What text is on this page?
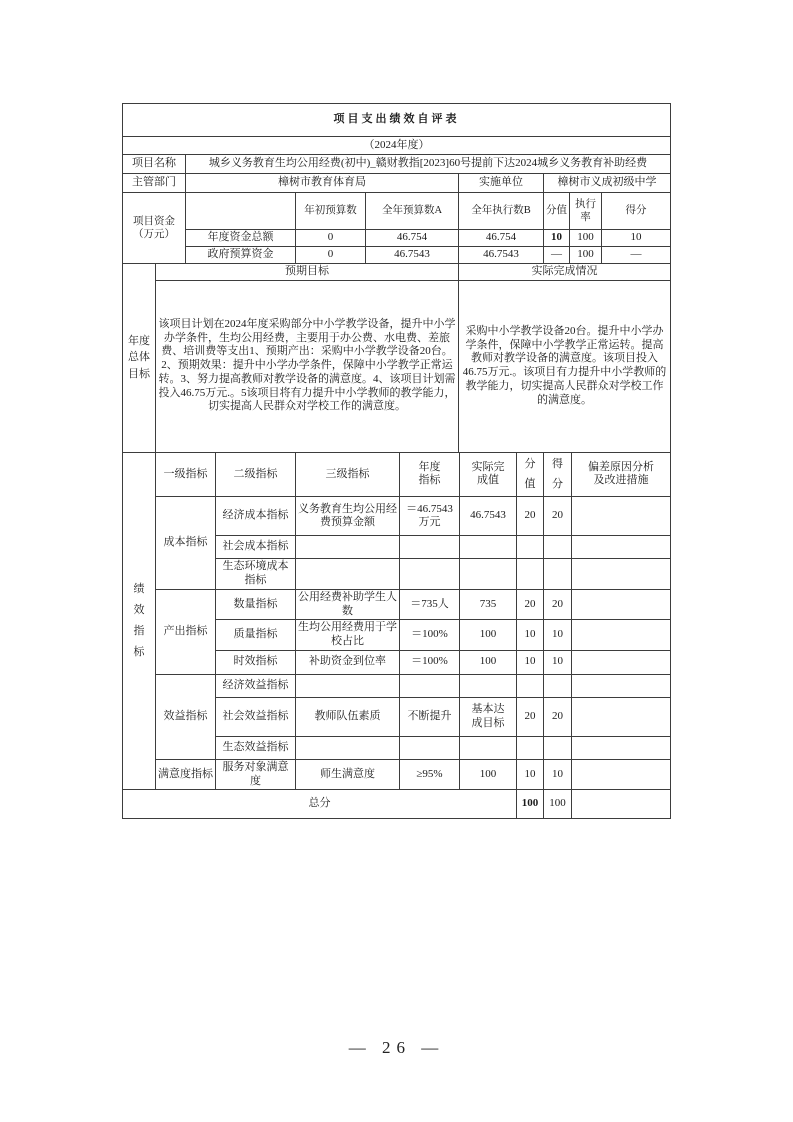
项目支出绩效自评表							
（2024年度）							
项目名称	城乡义务教育生均公用经费(初中)_赣财教指[2023]60号提前下达2024城乡义务教育补助经费						
主管部门	樟树市教育体育局			实施单位	樟树市义成初级中学		

项目资金（万元）		年初预算数	全年预算数A	全年执行数B	分值	执行率	得分
	年度资金总额	0	46.754	46.754	10	100	10
	政府预算资金	0	46.7543	46.7543	—	100	—
年度总体目标	预期目标	实际完成情况
	该项目计划在2024年度采购部分中小学教学设备，提升中小学办学条件，生均公用经费，主要用于办公费、水电费、差旅费、培训费等支出1、预期产出：采购中小学教学设备20台。2、预期效果：提升中小学办学条件，保障中小学教学正常运转。3、努力提高教师对教学设备的满意度。4、该项目计划需投入46.75万元.。5该项目将有力提升中小学教师的教学能力，切实提高人民群众对学校工作的满意度。	采购中小学教学设备20台。提升中小学办学条件，保障中小学教学正常运转。提高教师对教学设备的满意度。该项目投入46.75万元.。该项目有力提升中小学教师的教学能力，切实提高人民群众对学校工作的满意度。
绩效指标	一级指标	二级指标	三级指标	年度指标	实际完成值	分值	得分	偏差原因分析及改进措施

	成本指标	经济成本指标	义务教育生均公用经费预算金额	＝46.7543万元	46.7543	20	20	
		社会成本指标						
		生态环境成本指标						
	产出指标	数量指标	公用经费补助学生人数	＝735人	735	20	20	
		质量指标	生均公用经费用于学校占比	＝100%	100	10	10	
		时效指标	补助资金到位率	＝100%	100	10	10	
	效益指标	经济效益指标						
		社会效益指标	教师队伍素质	不断提升	基本达成目标	20	20	
		生态效益指标						
	满意度指标	服务对象满意度	师生满意度	≥95%	100	10	10	
总分						100	100	
— 26 —
